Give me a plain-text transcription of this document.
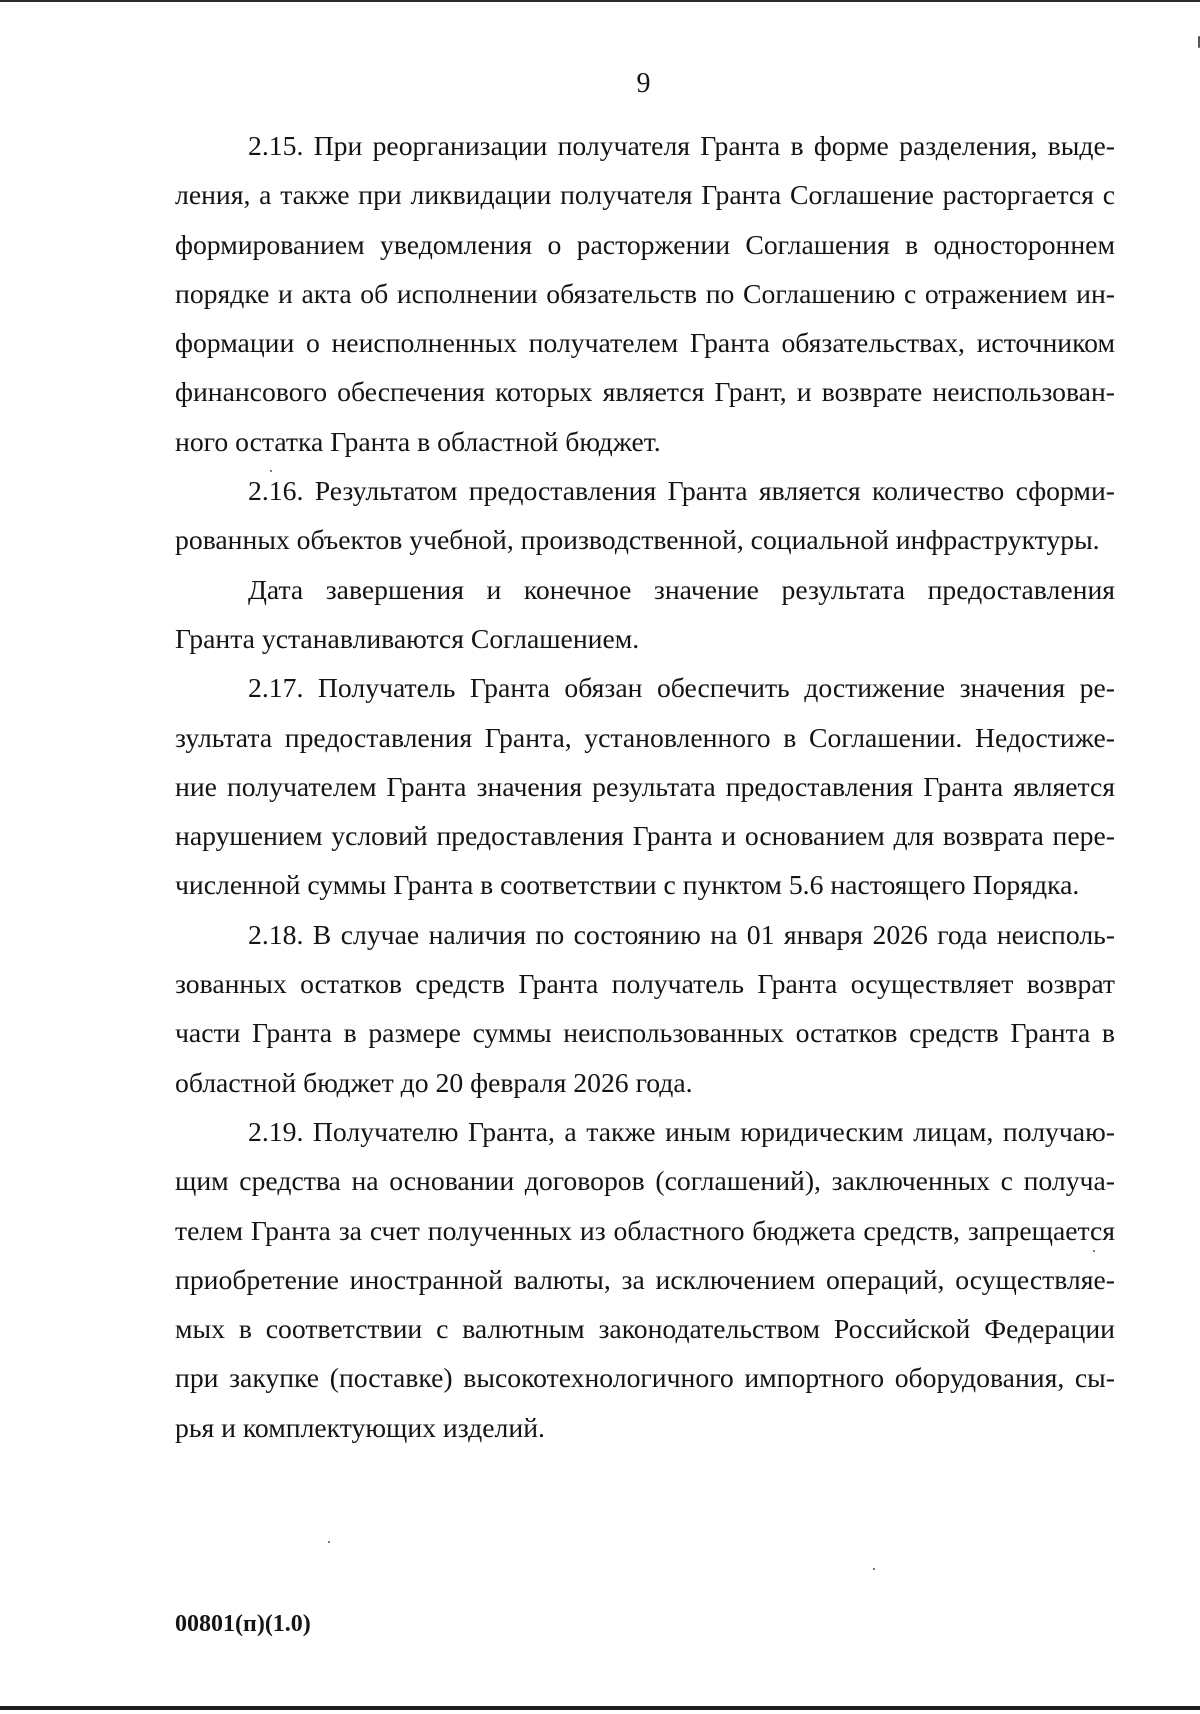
9
2.15. При реорганизации получателя Гранта в форме разделения, выде-
ления, а также при ликвидации получателя Гранта Соглашение расторгается с
формированием уведомления о расторжении Соглашения в одностороннем
порядке и акта об исполнении обязательств по Соглашению с отражением ин-
формации о неисполненных получателем Гранта обязательствах, источником
финансового обеспечения которых является Грант, и возврате неиспользован-
ного остатка Гранта в областной бюджет.
2.16. Результатом предоставления Гранта является количество сформи-
рованных объектов учебной, производственной, социальной инфраструктуры.
Дата завершения и конечное значение результата предоставления
Гранта устанавливаются Соглашением.
2.17. Получатель Гранта обязан обеспечить достижение значения ре-
зультата предоставления Гранта, установленного в Соглашении. Недостиже-
ние получателем Гранта значения результата предоставления Гранта является
нарушением условий предоставления Гранта и основанием для возврата пере-
численной суммы Гранта в соответствии с пунктом 5.6 настоящего Порядка.
2.18. В случае наличия по состоянию на 01 января 2026 года неисполь-
зованных остатков средств Гранта получатель Гранта осуществляет возврат
части Гранта в размере суммы неиспользованных остатков средств Гранта в
областной бюджет до 20 февраля 2026 года.
2.19. Получателю Гранта, а также иным юридическим лицам, получаю-
щим средства на основании договоров (соглашений), заключенных с получа-
телем Гранта за счет полученных из областного бюджета средств, запрещается
приобретение иностранной валюты, за исключением операций, осуществляе-
мых в соответствии с валютным законодательством Российской Федерации
при закупке (поставке) высокотехнологичного импортного оборудования, сы-
рья и комплектующих изделий.
00801(п)(1.0)
